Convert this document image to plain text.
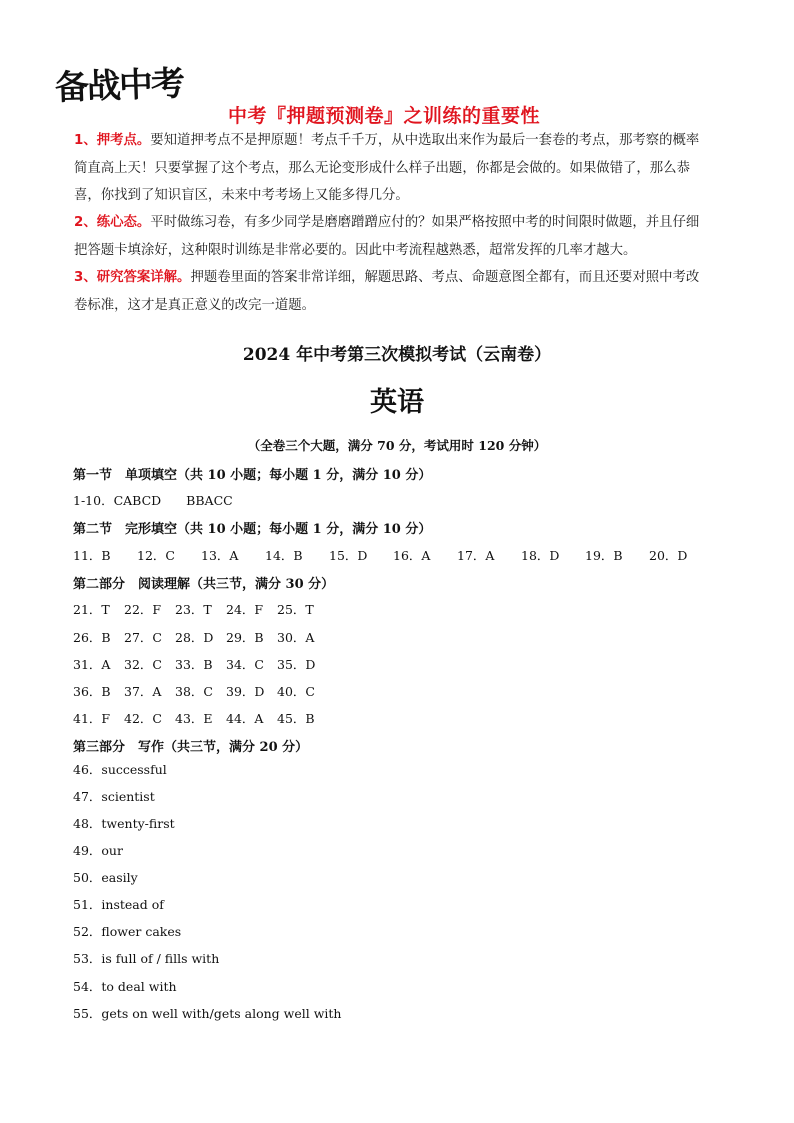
备战中考
中考『押题预测卷』之训练的重要性
1、押考点。要知道押考点不是押原题！考点千千万，从中选取出来作为最后一套卷的考点，那考察的概率
简直高上天！只要掌握了这个考点，那么无论变形成什么样子出题，你都是会做的。如果做错了，那么恭
喜，你找到了知识盲区，未来中考考场上又能多得几分。
2、练心态。平时做练习卷，有多少同学是磨磨蹭蹭应付的？如果严格按照中考的时间限时做题，并且仔细
把答题卡填涂好，这种限时训练是非常必要的。因此中考流程越熟悉，超常发挥的几率才越大。
3、研究答案详解。押题卷里面的答案非常详细，解题思路、考点、命题意图全都有，而且还要对照中考改
卷标准，这才是真正意义的改完一道题。
2024 年中考第三次模拟考试（云南卷）
英语
（全卷三个大题，满分 70 分，考试用时 120 分钟）
第一节　单项填空（共 10 小题；每小题 1 分，满分 10 分）
1-10．CABCD　　BBACC
第二节　完形填空（共 10 小题；每小题 1 分，满分 10 分）
11．B 12．C 13．A 14．B 15．D 16．A 17．A 18．D 19．B 20．D
第二部分　阅读理解（共三节，满分 30 分）
21．T 22．F 23．T 24．F 25．T
26．B 27．C 28．D 29．B 30．A
31．A 32．C 33．B 34．C 35．D
36．B 37．A 38．C 39．D 40．C
41．F 42．C 43．E 44．A 45．B
第三部分　写作（共三节，满分 20 分）
46．successful
47．scientist
48．twenty-first
49．our
50．easily
51．instead of
52．flower cakes
53．is full of / fills with
54．to deal with
55．gets on well with/gets along well with
